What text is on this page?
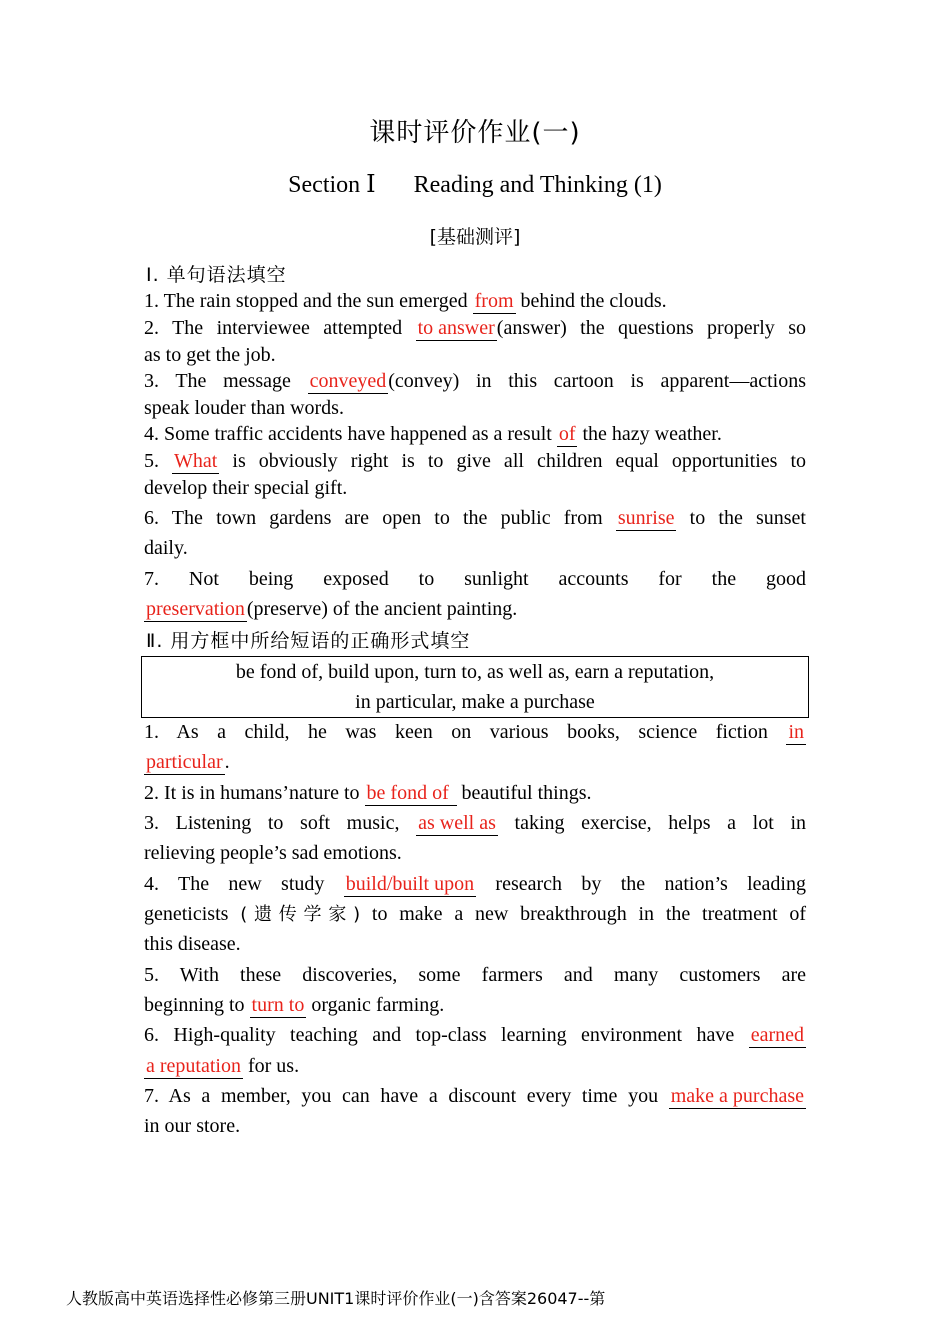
课时评价作业(一)
Section Ⅰ Reading and Thinking (1)
[基础测评]
Ⅰ. 单句语法填空
1. The rain stopped and the sun emerged from behind the clouds.
2. The interviewee attempted to answer (answer) the questions properly so
as to get the job.
3. The message conveyed (convey) in this cartoon is apparent—actions
speak louder than words.
4. Some traffic accidents have happened as a result of the hazy weather.
5. What is obviously right is to give all children equal opportunities to
develop their special gift.
6. The town gardens are open to the public from sunrise to the sunset
daily.
7. Not being exposed to sunlight accounts for the good
preservation (preserve) of the ancient painting.
Ⅱ. 用方框中所给短语的正确形式填空
be fond of, build upon, turn to, as well as, earn a reputation,
in particular, make a purchase
1. As a child, he was keen on various books, science fiction in
particular .
2. It is in humans’nature to be fond of beautiful things.
3. Listening to soft music, as well as taking exercise, helps a lot in
relieving people’s sad emotions.
4. The new study build/built upon research by the nation’s leading
geneticists (遗传学家) to make a new breakthrough in the treatment of
this disease.
5. With these discoveries, some farmers and many customers are
beginning to turn to organic farming.
6. High-quality teaching and top-class learning environment have earned
a reputation for us.
7. As a member, you can have a discount every time you make a purchase
in our store.
人教版高中英语选择性必修第三册UNIT1课时评价作业(一)含答案26047--第
